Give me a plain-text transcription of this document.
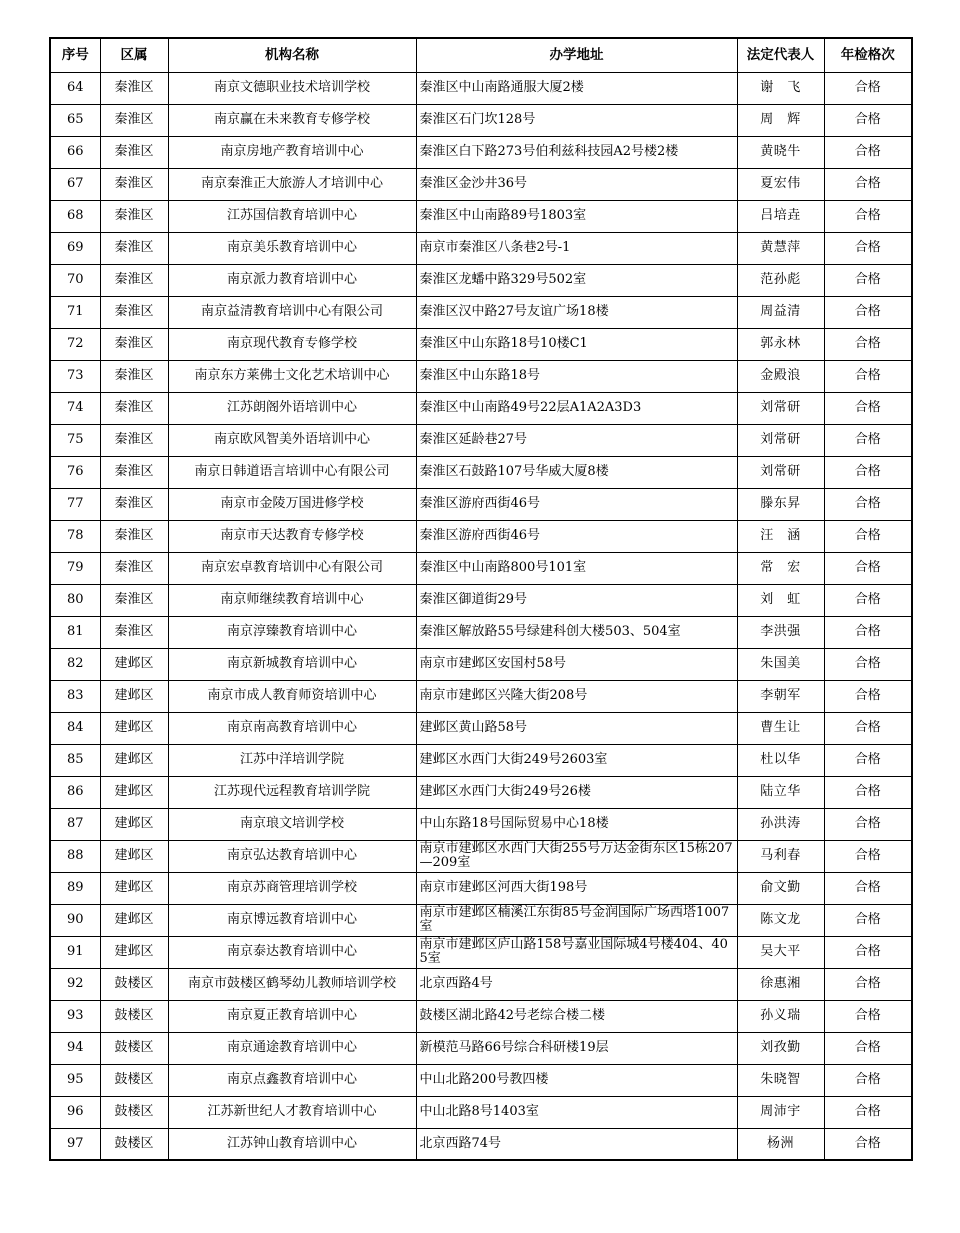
序号	区属	机构名称	办学地址	法定代表人	年检格次
64	秦淮区	南京文德职业技术培训学校	秦淮区中山南路通服大厦2楼	谢　飞	合格
65	秦淮区	南京赢在未来教育专修学校	秦淮区石门坎128号	周　辉	合格
66	秦淮区	南京房地产教育培训中心	秦淮区白下路273号伯利兹科技园A2号楼2楼	黄晓牛	合格
67	秦淮区	南京秦淮正大旅游人才培训中心	秦淮区金沙井36号	夏宏伟	合格
68	秦淮区	江苏国信教育培训中心	秦淮区中山南路89号1803室	吕培垚	合格
69	秦淮区	南京美乐教育培训中心	南京市秦淮区八条巷2号-1	黄慧萍	合格
70	秦淮区	南京派力教育培训中心	秦淮区龙蟠中路329号502室	范孙彪	合格
71	秦淮区	南京益清教育培训中心有限公司	秦淮区汉中路27号友谊广场18楼	周益清	合格
72	秦淮区	南京现代教育专修学校	秦淮区中山东路18号10楼C1	郭永林	合格
73	秦淮区	南京东方莱佛士文化艺术培训中心	秦淮区中山东路18号	金殿浪	合格
74	秦淮区	江苏朗阁外语培训中心	秦淮区中山南路49号22层A1A2A3D3	刘常研	合格
75	秦淮区	南京欧风智美外语培训中心	秦淮区延龄巷27号	刘常研	合格
76	秦淮区	南京日韩道语言培训中心有限公司	秦淮区石鼓路107号华威大厦8楼	刘常研	合格
77	秦淮区	南京市金陵万国进修学校	秦淮区游府西街46号	滕东昇	合格
78	秦淮区	南京市天达教育专修学校	秦淮区游府西街46号	汪　涵	合格
79	秦淮区	南京宏卓教育培训中心有限公司	秦淮区中山南路800号101室	常　宏	合格
80	秦淮区	南京师继续教育培训中心	秦淮区御道街29号	刘　虹	合格
81	秦淮区	南京淳臻教育培训中心	秦淮区解放路55号绿建科创大楼503、504室	李洪强	合格
82	建邺区	南京新城教育培训中心	南京市建邺区安国村58号	朱国美	合格
83	建邺区	南京市成人教育师资培训中心	南京市建邺区兴隆大街208号	李朝军	合格
84	建邺区	南京南高教育培训中心	建邺区黄山路58号	曹生让	合格
85	建邺区	江苏中洋培训学院	建邺区水西门大街249号2603室	杜以华	合格
86	建邺区	江苏现代远程教育培训学院	建邺区水西门大街249号26楼	陆立华	合格
87	建邺区	南京琅文培训学校	中山东路18号国际贸易中心18楼	孙洪涛	合格
88	建邺区	南京弘达教育培训中心	南京市建邺区水西门大街255号万达金街东区15栋207—209室	马利春	合格
89	建邺区	南京苏商管理培训学校	南京市建邺区河西大街198号	俞文勤	合格
90	建邺区	南京博远教育培训中心	南京市建邺区楠溪江东街85号金润国际广场西塔1007室	陈文龙	合格
91	建邺区	南京泰达教育培训中心	南京市建邺区庐山路158号嘉业国际城4号楼404、405室	吴大平	合格
92	鼓楼区	南京市鼓楼区鹤琴幼儿教师培训学校	北京西路4号	徐惠湘	合格
93	鼓楼区	南京夏正教育培训中心	鼓楼区湖北路42号老综合楼二楼	孙义瑞	合格
94	鼓楼区	南京通途教育培训中心	新模范马路66号综合科研楼19层	刘孜勤	合格
95	鼓楼区	南京点鑫教育培训中心	中山北路200号教四楼	朱晓智	合格
96	鼓楼区	江苏新世纪人才教育培训中心	中山北路8号1403室	周沛宇	合格
97	鼓楼区	江苏钟山教育培训中心	北京西路74号	杨洲	合格
